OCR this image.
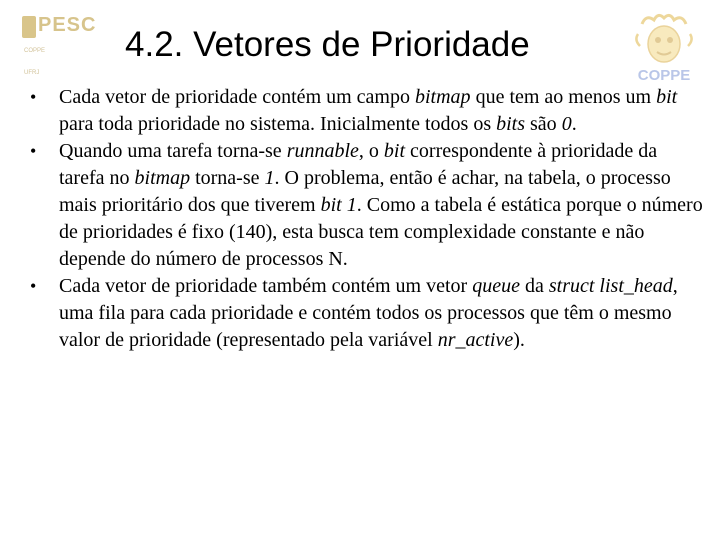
PESC
COPPE
UFRJ	COPPE
4.2. Vetores de Prioridade
• Cada vetor de prioridade contém um campo bitmap que tem ao menos um bit para toda prioridade no sistema. Inicialmente todos os bits são 0.
• Quando uma tarefa torna-se runnable, o bit correspondente à prioridade da tarefa no bitmap torna-se 1. O problema, então é achar, na tabela, o processo mais prioritário dos que tiverem bit 1. Como a tabela é estática porque o número de prioridades é fixo (140), esta busca tem complexidade constante e não depende do número de processos N.
• Cada vetor de prioridade também contém um vetor queue da struct list_head, uma fila para cada prioridade e contém todos os processos que têm o mesmo valor de prioridade (representado pela variável nr_active).
